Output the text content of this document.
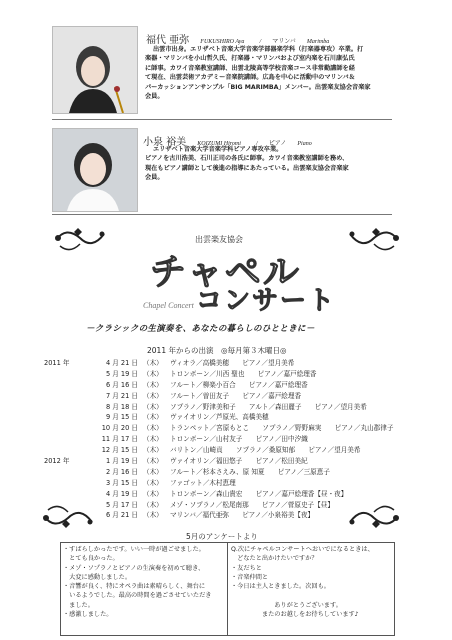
福代 亜弥 FUKUSHIRO Aya	/ マリンバ Marimba
出雲市出身。エリザベト音楽大学音楽学部器楽学科（打楽器専攻）卒業。打
楽器・マリンバを小山哲久氏、打楽器・マリンバおよび室内楽を石川康弘氏
に師事。カワイ音楽教室講師、出雲北陵高等学校音楽コース非常勤講師を経
て現在、出雲芸術アカデミー音楽院講師。広島を中心に活動中のマリンバ＆
パーカッションアンサンブル「BIG MARIMBA」メンバー。出雲楽友協会音楽家
会員。
小泉 裕美 KOIZUMI Hiromi	/ ピアノ Piano
エリザベト音楽大学音楽学科ピアノ専攻卒業。
ピアノを古川浩美、石川正司の各氏に師事。カワイ音楽教室講師を務め、
現在もピアノ講師として後進の指導にあたっている。出雲楽友協会音楽家
会員。
出雲楽友協会
チャペル
コンサート
Chapel Concert
－クラシックの生演奏を、あなたの暮らしのひとときに－
2011 年からの出演　◎毎月第３木曜日◎
2011 年	4 月 21 日 （木） ヴィオラ／高橋美穂　　ピアノ／望月美希
5 月 19 日 （木） トロンボーン／川西 聖也　　ピアノ／嘉戸絵理香
6 月 16 日 （木） フルート／柳楽小百合　　ピアノ／嘉戸絵理香
7 月 21 日 （木） フルート／曽田友子　　ピアノ／嘉戸絵理香
8 月 18 日 （木） ソプラノ／野津美和子　　アルト／森田麗子　　ピアノ／望月美希
9 月 15 日 （木） ヴァイオリン／芦原光、高橋美穂
10 月 20 日 （木） トランペット／宮原もとこ　　ソプラノ／野野麻実　　ピアノ／丸山郡律子
11 月 17 日 （木） トロンボーン／山村友子　　ピアノ／田中汐織
12 月 15 日 （木） バリトン／山崎貢　　ソプラノ／桑原知郁　　ピアノ／望月美希
2012 年	1 月 19 日 （木） ヴァイオリン／福田悠子　　ピアノ／松田美紀
2 月 16 日 （木） フルート／杉本さえみ、原 知夏　　ピアノ／三原恵子
3 月 15 日 （木） ファゴット／木村恵理
4 月 19 日 （木） トロンボーン／森山貴宏　　ピアノ／嘉戸絵理香【昼・夜】
5 月 17 日 （木） メゾ・ソプラノ／松尾南那　　ピアノ／菅原史子【昼】
6 月 21 日 （木） マリンバ／福代亜弥　　ピアノ／小泉裕美【夜】
5月のアンケートより
・すばらしかったです。いい一時が過ごせました。
　とても良かった。
・メゾ・ソプラノとピアノの生演奏を初めて聴き、
　大変に感動しました。
・音響が良く、特にオペラ曲は素晴らしく、舞台に
　いるようでした。最高の時間を過ごさせていただき
　ました。
・感激しました。
Q.次にチャペルコンサートへおいでになるときは、
　どなたと出かけたいですか？
・友だちと
・音楽仲間と
・今日は主人ときました。次回も。
　　　　　　　ありがとうございます。
　　　　　またのお越しをお待ちしています♪
